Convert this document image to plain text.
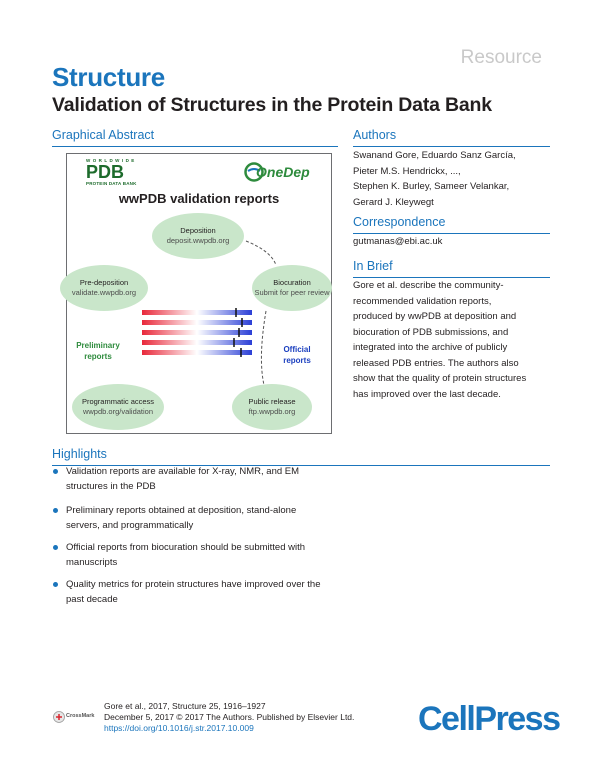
Resource
Structure
Validation of Structures in the Protein Data Bank
Graphical Abstract
W O R L D W I D E
PDB
PROTEIN DATA BANK
OneDep
wwPDB validation reports
Deposition
deposit.wwpdb.org
Pre-deposition
validate.wwpdb.org
Biocuration
Submit for peer review
Programmatic access
wwpdb.org/validation
Public release
ftp.wwpdb.org
Preliminary
reports
Official
reports
Authors
Swanand Gore, Eduardo Sanz García,
Pieter M.S. Hendrickx, ...,
Stephen K. Burley, Sameer Velankar,
Gerard J. Kleywegt
Correspondence
gutmanas@ebi.ac.uk
In Brief
Gore et al. describe the community-
recommended validation reports,
produced by wwPDB at deposition and
biocuration of PDB submissions, and
integrated into the archive of publicly
released PDB entries. The authors also
show that the quality of protein structures
has improved over the last decade.
Highlights
Validation reports are available for X-ray, NMR, and EM
structures in the PDB
Preliminary reports obtained at deposition, stand-alone
servers, and programmatically
Official reports from biocuration should be submitted with
manuscripts
Quality metrics for protein structures have improved over the
past decade
CrossMark
Gore et al., 2017, Structure 25, 1916–1927
December 5, 2017 © 2017 The Authors. Published by Elsevier Ltd.
https://doi.org/10.1016/j.str.2017.10.009	CellPress
